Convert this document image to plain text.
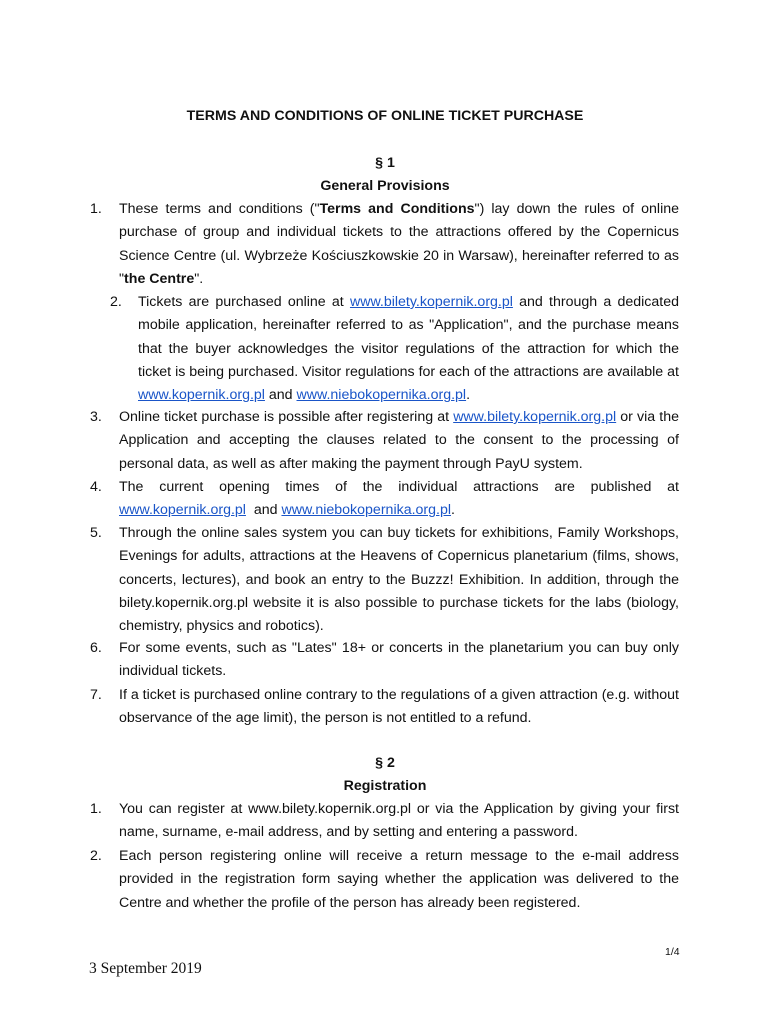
TERMS AND CONDITIONS OF ONLINE TICKET PURCHASE
§ 1
General Provisions
1. These terms and conditions ("Terms and Conditions") lay down the rules of online purchase of group and individual tickets to the attractions offered by the Copernicus Science Centre (ul. Wybrzeże Kościuszkowskie 20 in Warsaw), hereinafter referred to as "the Centre".

2. Tickets are purchased online at www.bilety.kopernik.org.pl and through a dedicated mobile application, hereinafter referred to as "Application", and the purchase means that the buyer acknowledges the visitor regulations of the attraction for which the ticket is being purchased. Visitor regulations for each of the attractions are available at www.kopernik.org.pl and www.niebokopernika.org.pl.

3. Online ticket purchase is possible after registering at www.bilety.kopernik.org.pl or via the Application and accepting the clauses related to the consent to the processing of personal data, as well as after making the payment through PayU system.

4. The current opening times of the individual attractions are published at www.kopernik.org.pl  and www.niebokopernika.org.pl.

5. Through the online sales system you can buy tickets for exhibitions, Family Workshops, Evenings for adults, attractions at the Heavens of Copernicus planetarium (films, shows, concerts, lectures), and book an entry to the Buzzz! Exhibition. In addition, through the bilety.kopernik.org.pl website it is also possible to purchase tickets for the labs (biology, chemistry, physics and robotics).

6. For some events, such as "Lates" 18+ or concerts in the planetarium you can buy only individual tickets.

7. If a ticket is purchased online contrary to the regulations of a given attraction (e.g. without observance of the age limit), the person is not entitled to a refund.

§ 2
Registration
1. You can register at www.bilety.kopernik.org.pl or via the Application by giving your first name, surname, e-mail address, and by setting and entering a password.

2. Each person registering online will receive a return message to the e-mail address provided in the registration form saying whether the application was delivered to the Centre and whether the profile of the person has already been registered.

1/4
3 September 2019
